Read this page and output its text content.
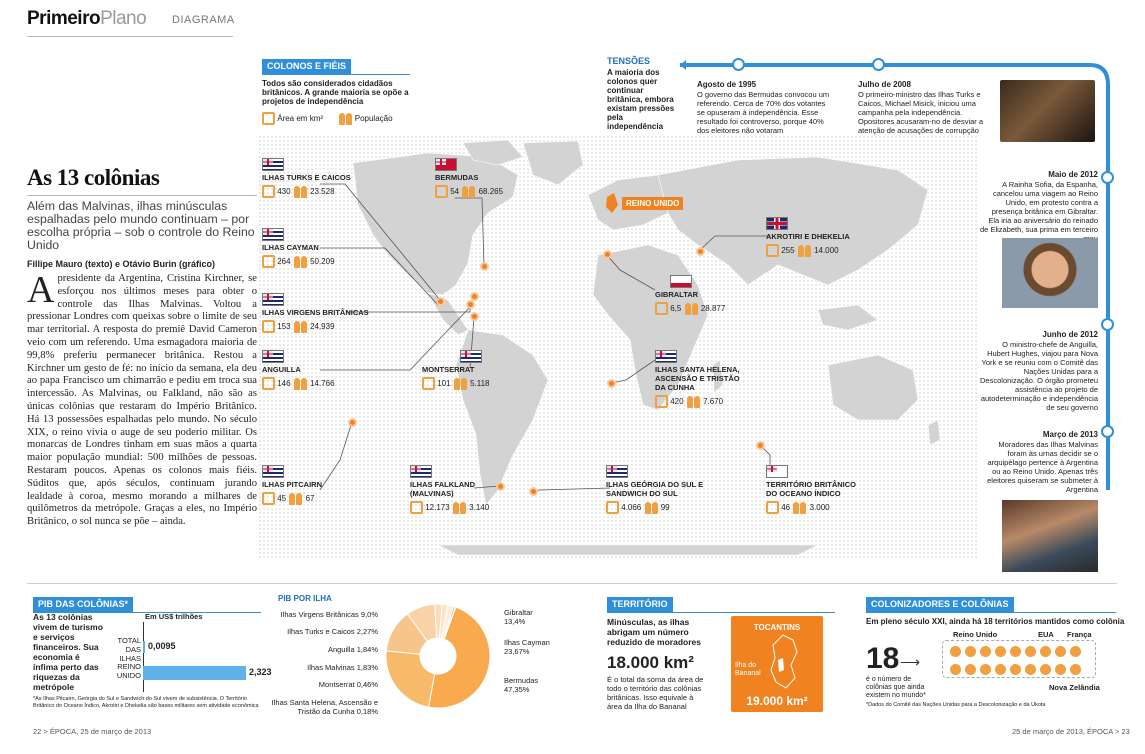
PrimeiroPlano DIAGRAMA
As 13 colônias
Além das Malvinas, ilhas minúsculas espalhadas pelo mundo continuam – por escolha própria – sob o controle do Reino Unido
Fillipe Mauro (texto) e Otávio Burin (gráfico)
Apresidente da Argentina, Cristina Kirchner, se esforçou nos últimos meses para obter o controle das Ilhas Malvinas. Voltou a pressionar Londres com queixas sobre o limite de seu mar territorial. A resposta do premiê David Cameron veio com um referendo. Uma esmagadora maioria de 99,8% preferiu permanecer britânica. Restou a Kirchner um gesto de fé: no início da semana, ela deu ao papa Francisco um chimarrão e pediu em troca sua intercessão. As Malvinas, ou Falkland, não são as únicas colônias que restaram do Império Britânico. Há 13 possessões espalhadas pelo mundo. No século XIX, o reino vivia o auge de seu poderio militar. Os monarcas de Londres tinham em suas mãos a quarta maior população mundial: 500 milhões de pessoas. Restaram poucos. Apenas os colonos mais fiéis. Súditos que, após séculos, continuam jurando lealdade à coroa, mesmo morando a milhares de quilômetros da metrópole. Graças a eles, no Império Britânico, o sol nunca se põe – ainda.
COLONOS E FIÉIS
Todos são considerados cidadãos britânicos. A grande maioria se opõe a projetos de independência
Área em km²	População
TENSÕES
A maioria dos colonos quer continuar britânica, embora existam pressões pela independência
Agosto de 1995
O governo das Bermudas convocou um referendo. Cerca de 70% dos votantes se opuseram à independência. Esse resultado foi controverso, porque 40% dos eleitores não votaram
Julho de 2008
O primeiro-ministro das Ilhas Turks e Caicos, Michael Misick, iniciou uma campanha pela independência. Opositores acusaram-no de desviar a atenção de acusações de corrupção
Maio de 2012
A Rainha Sofia, da Espanha, cancelou uma viagem ao Reino Unido, em protesto contra a presença britânica em Gibraltar. Ela iria ao aniversário do reinado de Elizabeth, sua prima em terceiro
Junho de 2012
O ministro-chefe de Anguilla, Hubert Hughes, viajou para Nova York e se reuniu com o Comitê das Nações Unidas para a Descolonização. O órgão prometeu assistência ao projeto de autodeterminação e independência de seu governo
Março de 2013
Moradores das Ilhas Malvinas foram às urnas decidir se o arquipélago pertence à Argentina ou ao Reino Unido. Apenas três eleitores quiseram se submeter à Argentina
REINO UNIDO
ILHAS TURKS E CAICOS
430 23.528
BERMUDAS
54 68.265
ILHAS CAYMAN
264 50.209
ILHAS VIRGENS BRITÂNICAS
153 24.939
ANGUILLA
146 14.766
MONTSERRAT
101 5.118
AKROTIRI E DHEKELIA
255 14.000
GIBRALTAR
6,5 28.877
ILHAS SANTA HELENA, ASCENSÃO E TRISTÃO DA CUNHA
420 7.670
ILHAS PITCAIRN
45 67
ILHAS FALKLAND (MALVINAS)
12.173 3.140
ILHAS GEÓRGIA DO SUL E SANDWICH DO SUL
4.066 99
TERRITÓRIO BRITÂNICO DO OCEANO ÍNDICO
46 3.000
PIB DAS COLÔNIAS*
As 13 colônias vivem de turismo e serviços financeiros. Sua economia é ínfima perto das riquezas da metrópole
Em US$ trilhões
TOTAL DAS ILHAS
0,0095
REINO UNIDO	2,323
*As Ilhas Pitcairn, Geórgia do Sul e Sandwich do Sul vivem de subsistência. O Território Britânico do Oceano Índico, Akrotiri e Dhekelia são bases militares sem atividade econômica
PIB POR ILHA
Ilhas Virgens Britânicas 9,0%
Ilhas Turks e Caicos 2,27%
Anguilla 1,84%
Ilhas Malvinas 1,83%
Montserrat 0,46%
Ilhas Santa Helena, Ascensão e Tristão da Cunha 0,18%
Gibraltar 13,4%
Ilhas Cayman 23,67%
Bermudas 47,35%
TERRITÓRIO
Minúsculas, as ilhas abrigam um número reduzido de moradores
18.000 km²
É o total da soma da área de todo o território das colônias britânicas. Isso equivale à área da Ilha do Bananal
TOCANTINS
Ilha do Bananal
19.000 km²
COLONIZADORES E COLÔNIAS
Em pleno século XXI, ainda há 18 territórios mantidos como colônia
18 ⟶
é o número de colônias que ainda existem no mundo*
Reino Unido	EUA França
Nova Zelândia
*Dados do Comitê das Nações Unidas para a Descolonização e da Ukota
22 > ÉPOCA, 25 de março de 2013	25 de março de 2013, ÉPOCA > 23
